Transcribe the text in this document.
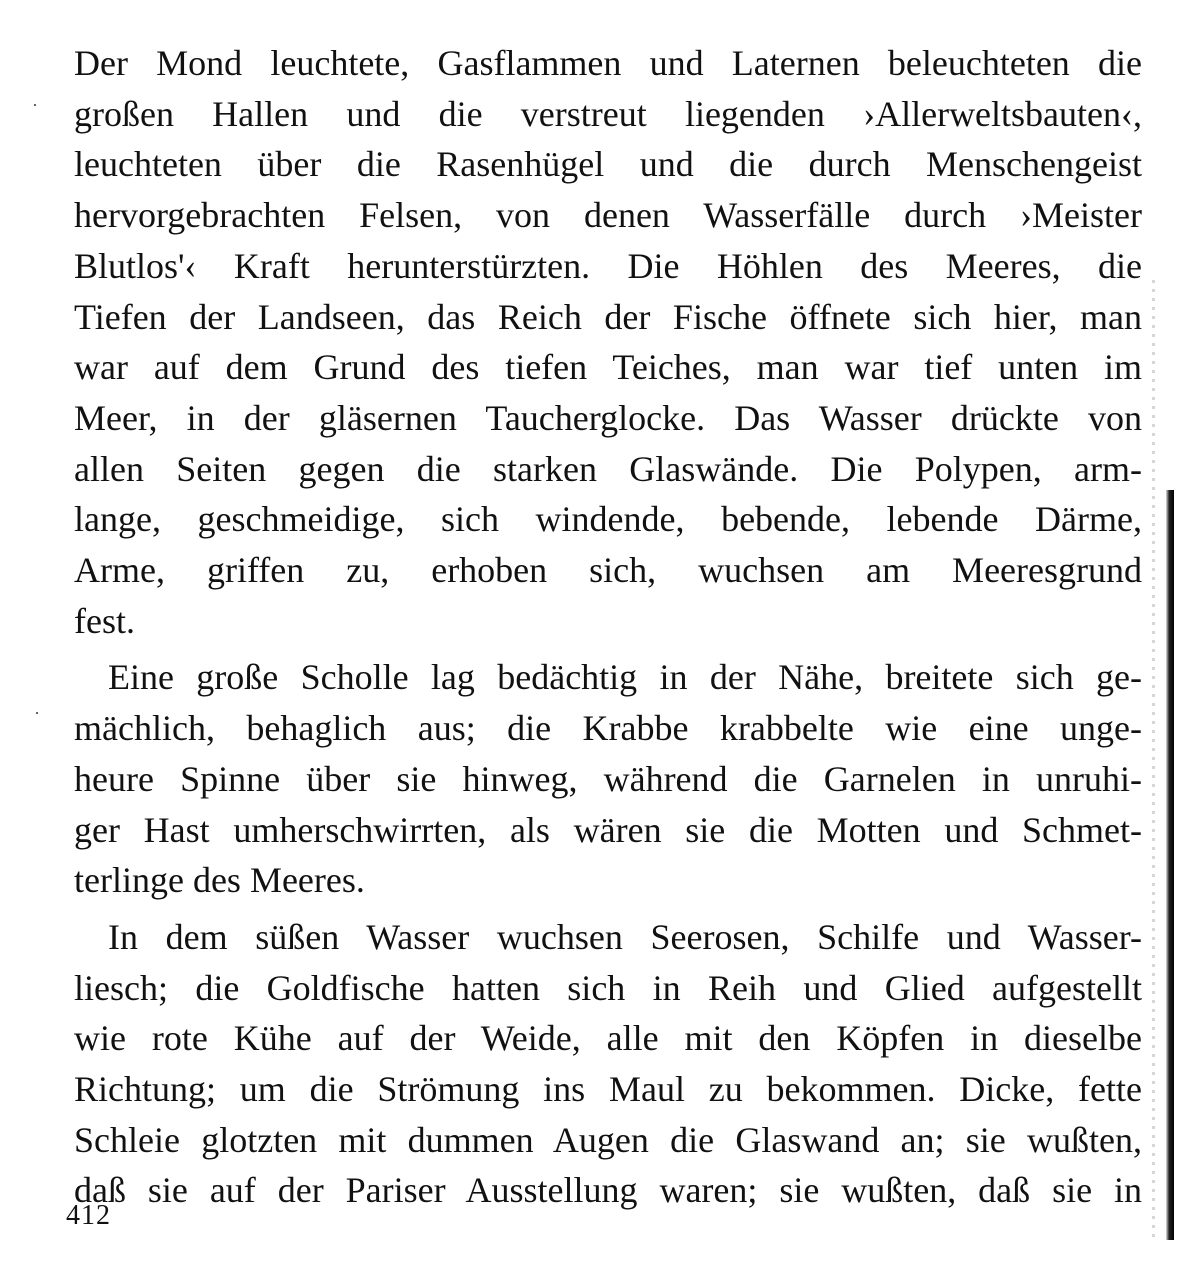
Der Mond leuchtete, Gasflammen und Laternen beleuchteten die
großen Hallen und die verstreut liegenden ›Allerweltsbauten‹,
leuchteten über die Rasenhügel und die durch Menschengeist
hervorgebrachten Felsen, von denen Wasserfälle durch ›Meister
Blutlos'‹ Kraft herunterstürzten. Die Höhlen des Meeres, die
Tiefen der Landseen, das Reich der Fische öffnete sich hier, man
war auf dem Grund des tiefen Teiches, man war tief unten im
Meer, in der gläsernen Taucherglocke. Das Wasser drückte von
allen Seiten gegen die starken Glaswände. Die Polypen, arm-
lange, geschmeidige, sich windende, bebende, lebende Därme,
Arme, griffen zu, erhoben sich, wuchsen am Meeresgrund
fest.

Eine große Scholle lag bedächtig in der Nähe, breitete sich ge-
mächlich, behaglich aus; die Krabbe krabbelte wie eine unge-
heure Spinne über sie hinweg, während die Garnelen in unruhi-
ger Hast umherschwirrten, als wären sie die Motten und Schmet-
terlinge des Meeres.

In dem süßen Wasser wuchsen Seerosen, Schilfe und Wasser-
liesch; die Goldfische hatten sich in Reih und Glied aufgestellt
wie rote Kühe auf der Weide, alle mit den Köpfen in dieselbe
Richtung; um die Strömung ins Maul zu bekommen. Dicke, fette
Schleie glotzten mit dummen Augen die Glaswand an; sie wußten,
daß sie auf der Pariser Ausstellung waren; sie wußten, daß sie in

412
